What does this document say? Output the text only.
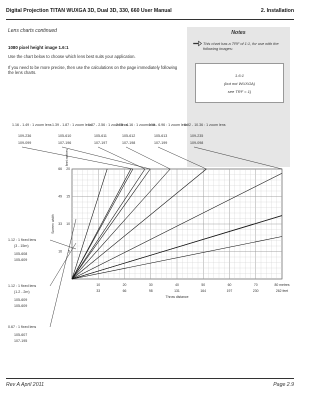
Digital Projection TITAN WUXGA 3D, Dual 3D, 330, 660 User Manual	2. Installation
Lens charts continued	Notes
This chart has a TRF of 1:1, for use with the following images:
1.6:1
(but not WUXGA)
see TRF = 1)
1080 pixel height image 1.6:1
Use the chart below to choose which lens best suits your application.
If you need to be more precise, then use the calculations on the page immediately following the lens charts.
10	20	30	40	50	60	70	80 metres
33	66	98	131	164	197	230	262 feet
Throw distance
16
33
49
66
5
10
15
20
Screen width
feet metres
1.16 - 1.49 : 1 zoom lens
109-236
109-099
1.39 - 1.87 : 1 zoom lens
105-610
107-196
1.87 - 2.56 : 1 zoom lens
105-611
107-197
2.56 - 4.16 : 1 zoom lens
105-612
107-198
4.16 - 6.96 : 1 zoom lens
105-613
107-199
6.92 - 10.36 : 1 zoom lens
109-235
109-098
1.12 : 1 fixed lens
(3 - 15m)
105-608
105-609
1.12 : 1 fixed lens
(1.2 - 2m)
105-609
105-609
0.67 : 1 fixed lens
105-607
107-195
Rev A April 2011	Page 2.9
